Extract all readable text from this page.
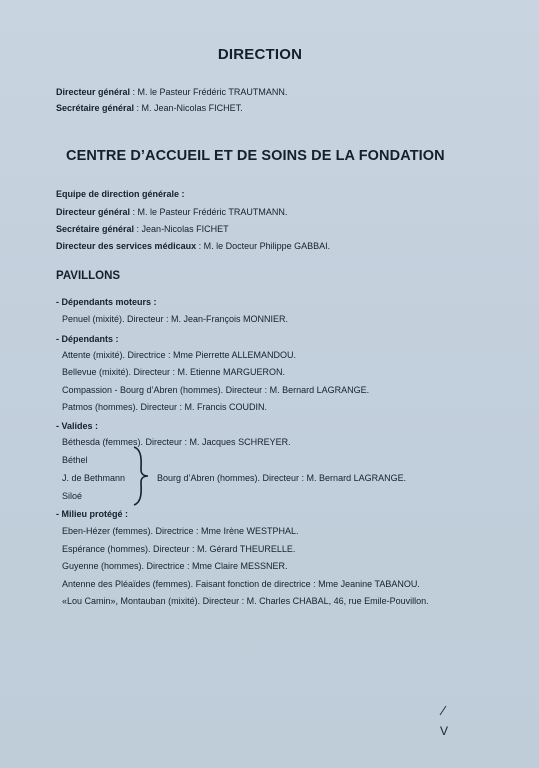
DIRECTION
Directeur général : M. le Pasteur Frédéric TRAUTMANN.
Secrétaire général : M. Jean-Nicolas FICHET.
CENTRE D’ACCUEIL ET DE SOINS DE LA FONDATION
Equipe de direction générale :
Directeur général : M. le Pasteur Frédéric TRAUTMANN.
Secrétaire général : Jean-Nicolas FICHET
Directeur des services médicaux : M. le Docteur Philippe GABBAI.
PAVILLONS
- Dépendants moteurs :
Penuel (mixité). Directeur : M. Jean-François MONNIER.
- Dépendants :
Attente (mixité). Directrice : Mme Pierrette ALLEMANDOU.
Bellevue (mixité). Directeur : M. Etienne MARGUERON.
Compassion - Bourg d’Abren (hommes). Directeur : M. Bernard LAGRANGE.
Patmos (hommes). Directeur : M. Francis COUDIN.
- Valides :
Béthesda (femmes). Directeur : M. Jacques SCHREYER.
Béthel
J. de Bethmann
Siloé
Bourg d’Abren (hommes). Directeur : M. Bernard LAGRANGE.
- Milieu protégé :
Eben-Hézer (femmes). Directrice : Mme Irène WESTPHAL.
Espérance (hommes). Directeur : M. Gérard THEURELLE.
Guyenne (hommes). Directrice : Mme Claire MESSNER.
Antenne des Pléaïdes (femmes). Faisant fonction de directrice : Mme Jeanine TABANOU.
«Lou Camin», Montauban (mixité). Directeur : M. Charles CHABAL, 46, rue Emile-Pouvillon.
V
